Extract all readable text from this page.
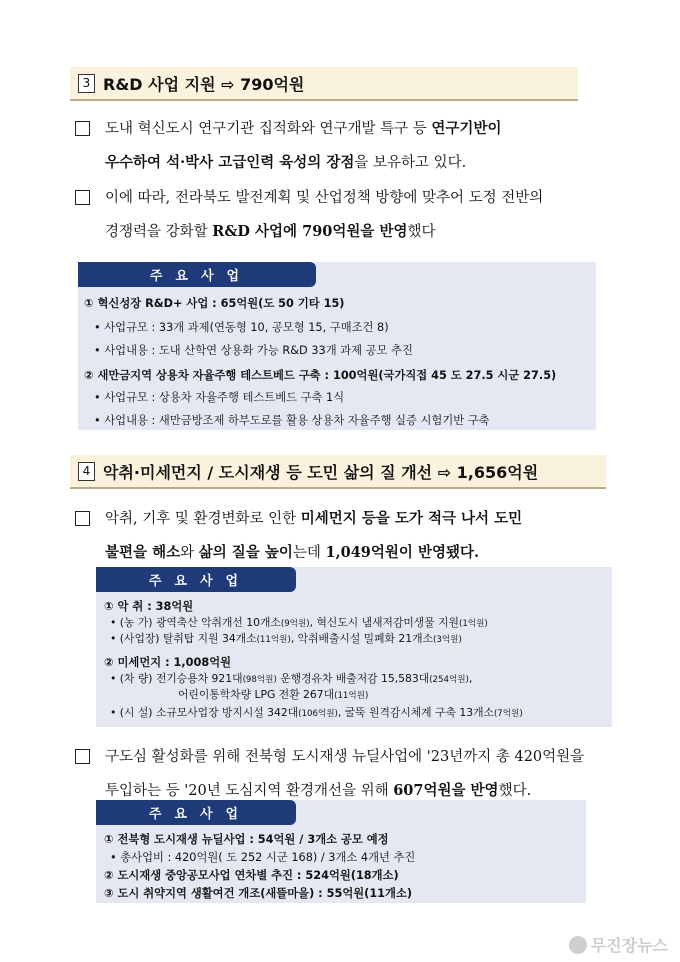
3 R&D 사업 지원 ⇨ 790억원
도내 혁신도시 연구기관 집적화와 연구개발 특구 등 연구기반이
우수하여 석·박사 고급인력 육성의 장점을 보유하고 있다.
이에 따라, 전라북도 발전계획 및 산업정책 방향에 맞추어 도정 전반의
경쟁력을 강화할 R&D 사업에 790억원을 반영했다
주요사업
① 혁신성장 R&D+ 사업 : 65억원(도 50 기타 15)
• 사업규모 : 33개 과제(연동형 10, 공모형 15, 구매조건 8)
• 사업내용 : 도내 산학연 상용화 가능 R&D 33개 과제 공모 추진
② 새만금지역 상용차 자율주행 테스트베드 구축 : 100억원(국가직접 45 도 27.5 시군 27.5)
• 사업규모 : 상용차 자율주행 테스트베드 구축 1식
• 사업내용 : 새만금방조제 하부도로를 활용 상용차 자율주행 실증 시험기반 구축
4 악취·미세먼지 / 도시재생 등 도민 삶의 질 개선 ⇨ 1,656억원
악취, 기후 및 환경변화로 인한 미세먼지 등을 도가 적극 나서 도민
불편을 해소와 삶의 질을 높이는데 1,049억원이 반영됐다.
주요사업
① 악 취 : 38억원
• (농 가) 광역축산 악취개선 10개소(9억원), 혁신도시 냄새저감미생물 지원(1억원)
• (사업장) 탈취탑 지원 34개소(11억원), 악취배출시설 밀폐화 21개소(3억원)
② 미세먼지 : 1,008억원
• (차 량) 전기승용차 921대(98억원) 운행경유차 배출저감 15,583대(254억원),
어린이통학차량 LPG 전환 267대(11억원)
• (시 설) 소규모사업장 방지시설 342대(106억원), 굴뚝 원격감시체계 구축 13개소(7억원)
구도심 활성화를 위해 전북형 도시재생 뉴딜사업에 '23년까지 총 420억원을
투입하는 등 '20년 도심지역 환경개선을 위해 607억원을 반영했다.
주요사업
① 전북형 도시재생 뉴딜사업 : 54억원 / 3개소 공모 예정
• 총사업비 : 420억원( 도 252 시군 168) / 3개소 4개년 추진
② 도시재생 중앙공모사업 연차별 추진 : 524억원(18개소)
③ 도시 취약지역 생활여건 개조(새뜰마을) : 55억원(11개소)
무진장뉴스
